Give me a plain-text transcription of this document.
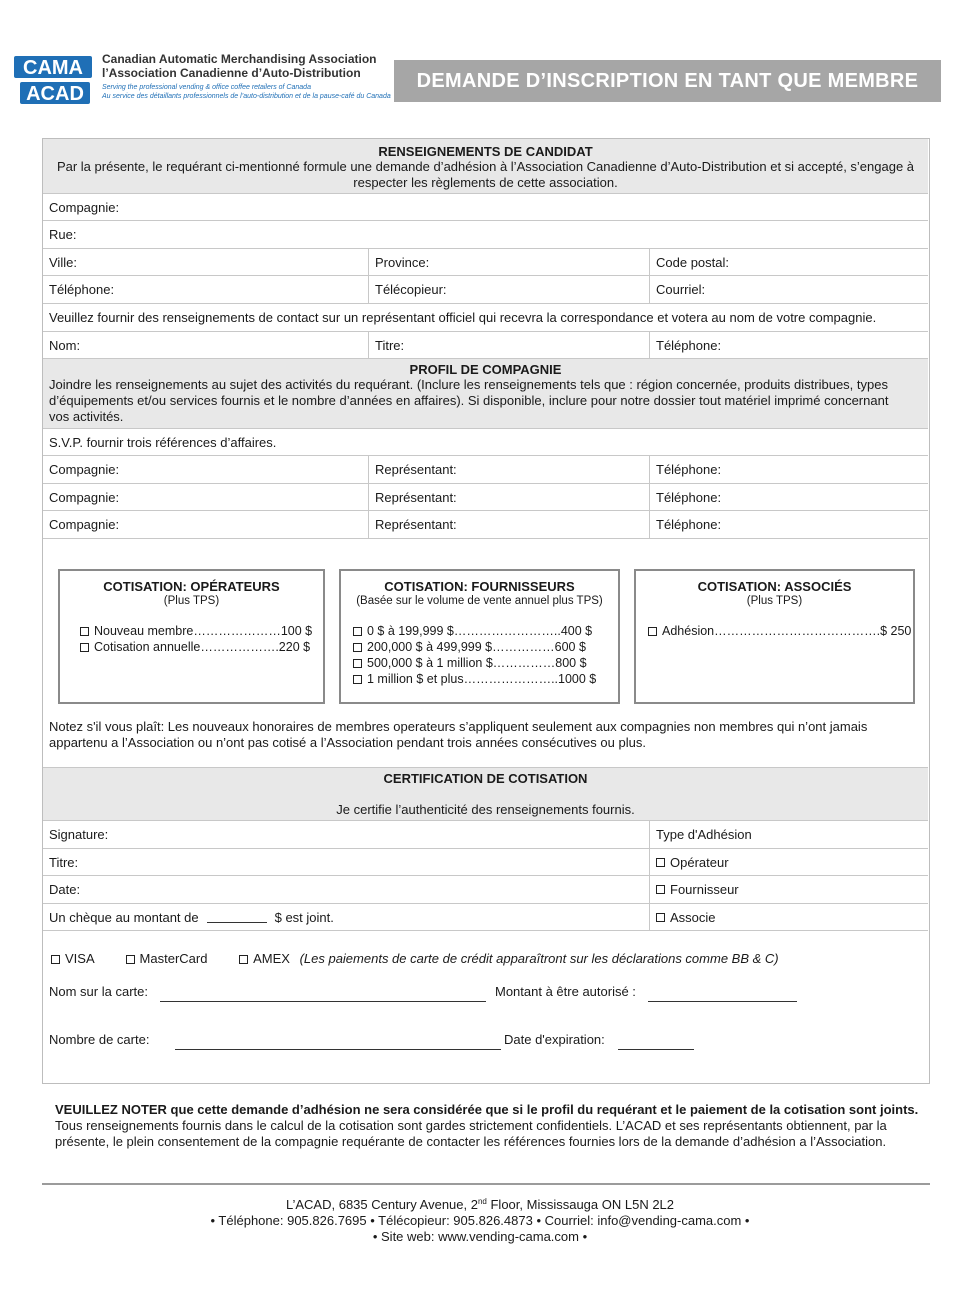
CAMA
ACAD
Canadian Automatic Merchandising Association
l’Association Canadienne d’Auto-Distribution
Serving the professional vending & office coffee retailers of Canada
Au service des détaillants professionnels de l’auto-distribution et de la pause-café du Canada
DEMANDE D’INSCRIPTION EN TANT QUE MEMBRE
RENSEIGNEMENTS DE CANDIDAT
Par la présente, le requérant ci-mentionné formule une demande d’adhésion à l’Association Canadienne d’Auto-Distribution et si accepté, s’engage à respecter les règlements de cette association.
Compagnie:
Rue:
Ville:	Province:	Code postal:
Téléphone:	Télécopieur:	Courriel:
Veuillez fournir des renseignements de contact sur un représentant officiel qui recevra la correspondance et votera au nom de votre compagnie.
Nom:	Titre:	Téléphone:
PROFIL DE COMPAGNIE
Joindre les renseignements au sujet des activités du requérant. (Inclure les renseignements tels que : région concernée, produits distribues, types d’équipements et/ou services fournis et le nombre d’années en affaires). Si disponible, inclure pour notre dossier tout matériel imprimé concernant vos activités.
S.V.P. fournir trois références d’affaires.
Compagnie:	Représentant:	Téléphone:
Compagnie:	Représentant:	Téléphone:
Compagnie:	Représentant:	Téléphone:
COTISATION: OPÉRATEURS
(Plus TPS)
Nouveau membre…………………100 $
Cotisation annuelle……………….220 $
COTISATION: FOURNISSEURS
(Basée sur le volume de vente annuel plus TPS)
0 $ à 199,999 $……………………..400 $
200,000 $ à 499,999 $……………600 $
500,000 $ à 1 million $……………800 $
1 million $ et plus…………………..1000 $
COTISATION: ASSOCIÉS
(Plus TPS)
Adhésion………………………………….$ 250
Notez s'il vous plaît: Les nouveaux honoraires de membres operateurs s’appliquent seulement aux compagnies non membres qui n’ont jamais appartenu a l’Association ou n’ont pas cotisé a l’Association pendant trois années consécutives ou plus.
CERTIFICATION DE COTISATION
Je certifie l’authenticité des renseignements fournis.
Signature:	Type d'Adhésion
Titre:	Opérateur
Date:	Fournisseur
Un chèque au montant de	$ est joint.	Associe
VISA	MasterCard	AMEX (Les paiements de carte de crédit apparaîtront sur les déclarations comme BB & C)
Nom sur la carte:	Montant à être autorisé :
Nombre de carte:	Date d'expiration:
VEUILLEZ NOTER que cette demande d’adhésion ne sera considérée que si le profil du requérant et le paiement de la cotisation sont joints. Tous renseignements fournis dans le calcul de la cotisation sont gardes strictement confidentiels. L’ACAD et ses représentants obtiennent, par la présente, le plein consentement de la compagnie requérante de contacter les références fournies lors de la demande d’adhésion a l’Association.
L’ACAD, 6835 Century Avenue, 2nd Floor, Mississauga ON L5N 2L2
• Téléphone: 905.826.7695 • Télécopieur: 905.826.4873 • Courriel: info@vending-cama.com •
• Site web: www.vending-cama.com •
